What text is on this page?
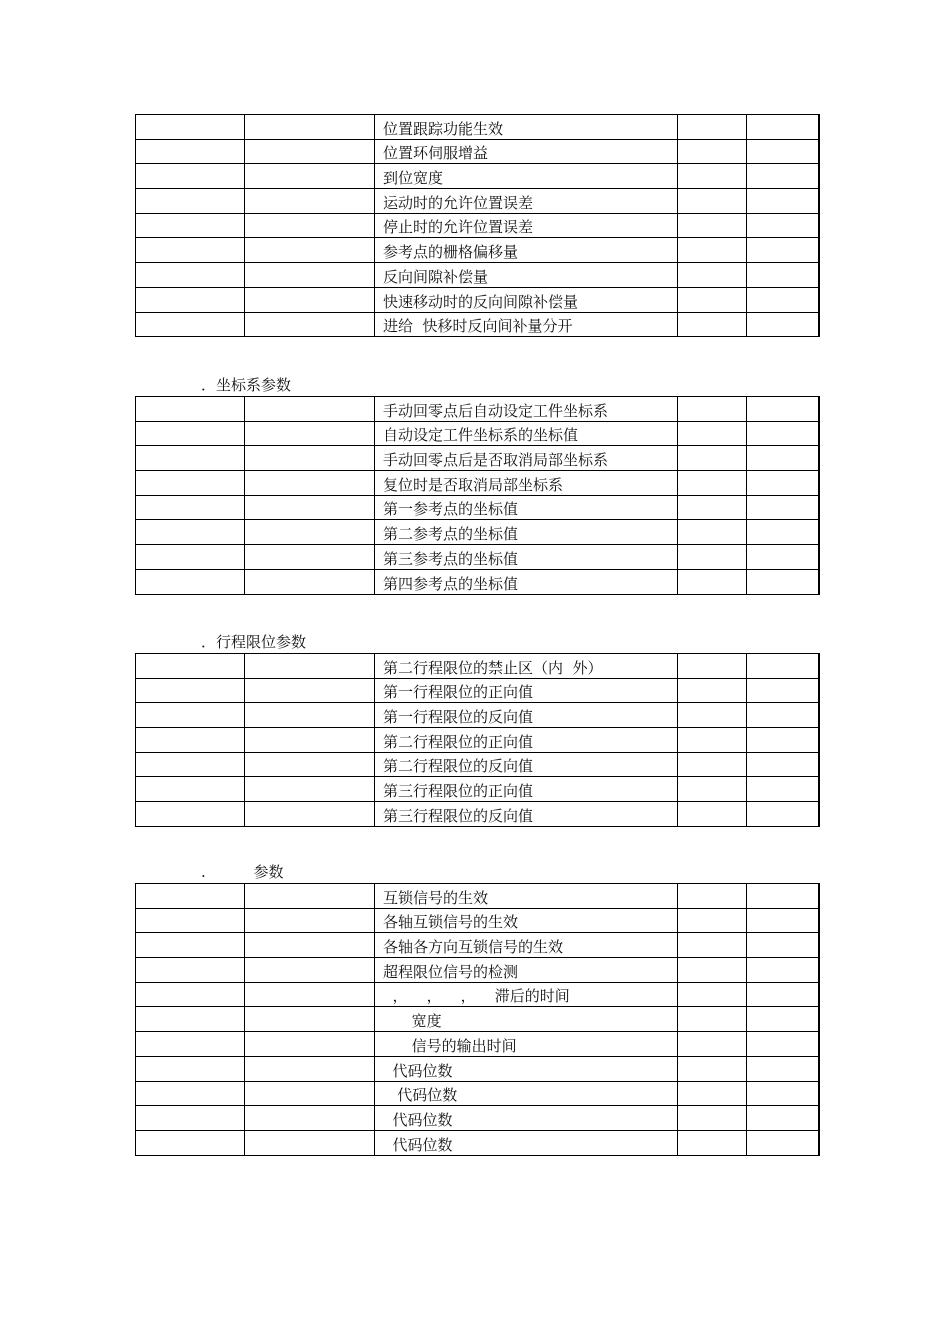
		位置跟踪功能生效		
		位置环伺服增益		
		到位宽度		
		运动时的允许位置误差		
		停止时的允许位置误差		
		参考点的栅格偏移量		
		反向间隙补偿量		
		快速移动时的反向间隙补偿量		
		进给  快移时反向间补量分开		
．坐标系参数
		手动回零点后自动设定工件坐标系		
		自动设定工件坐标系的坐标值		
		手动回零点后是否取消局部坐标系		
		复位时是否取消局部坐标系		
		第一参考点的坐标值		
		第二参考点的坐标值		
		第三参考点的坐标值		
		第四参考点的坐标值		
．行程限位参数
		第二行程限位的禁止区（内  外）		
		第一行程限位的正向值		
		第一行程限位的反向值		
		第二行程限位的正向值		
		第二行程限位的反向值		
		第三行程限位的正向值		
		第三行程限位的反向值		
.          参数
		互锁信号的生效		
		各轴互锁信号的生效		
		各轴各方向互锁信号的生效		
		超程限位信号的检测		
		，    ，    ，    滞后的时间		
		宽度		
		信号的输出时间		
		代码位数		
		代码位数		
		代码位数		
		代码位数		
